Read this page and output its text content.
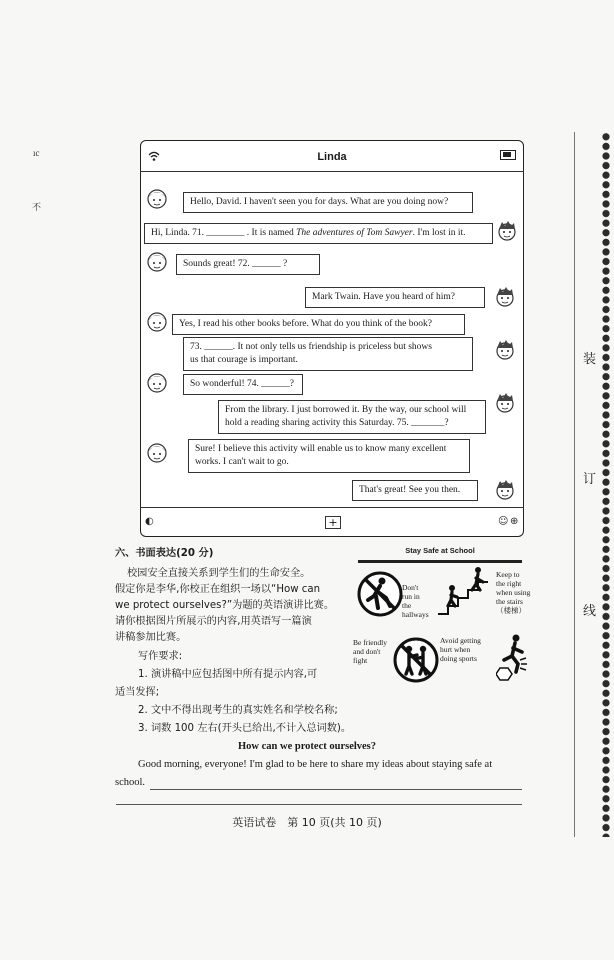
ıc
不
装
订
线
Linda
Hello, David. I haven't seen you for days. What are you doing now?
Hi, Linda. 71. ________ . It is named The adventures of Tom Sawyer. I'm lost in it.
Sounds great! 72. ______ ?
Mark Twain. Have you heard of him?
Yes, I read his other books before. What do you think of the book?
73. ______. It not only tells us friendship is priceless but shows
us that courage is important.
So wonderful! 74. ______?
From the library. I just borrowed it. By the way, our school will
hold a reading sharing activity this Saturday. 75. _______?
Sure! I believe this activity will enable us to know many excellent
works. I can't wait to go.
That's great! See you then.
◐	+	☺ ⊕
六、书面表达(20 分)
校园安全直接关系到学生们的生命安全。
假定你是李华,你校正在组织一场以“How can
we protect ourselves?”为题的英语演讲比赛。
请你根据图片所展示的内容,用英语写一篇演
讲稿参加比赛。
写作要求:
1. 演讲稿中应包括图中所有提示内容,可
适当发挥;
2. 文中不得出现考生的真实姓名和学校名称;
3. 词数 100 左右(开头已给出,不计入总词数)。
How can we protect ourselves?
Good morning, everyone! I'm glad to be here to share my ideas about staying safe at
school.
Stay Safe at School
Don't
run in
the
hallways
Keep to
the right
when using
the stairs
（楼梯）
Be friendly
and don't
fight
Avoid getting
hurt when
doing sports
英语试卷　第 10 页(共 10 页)
